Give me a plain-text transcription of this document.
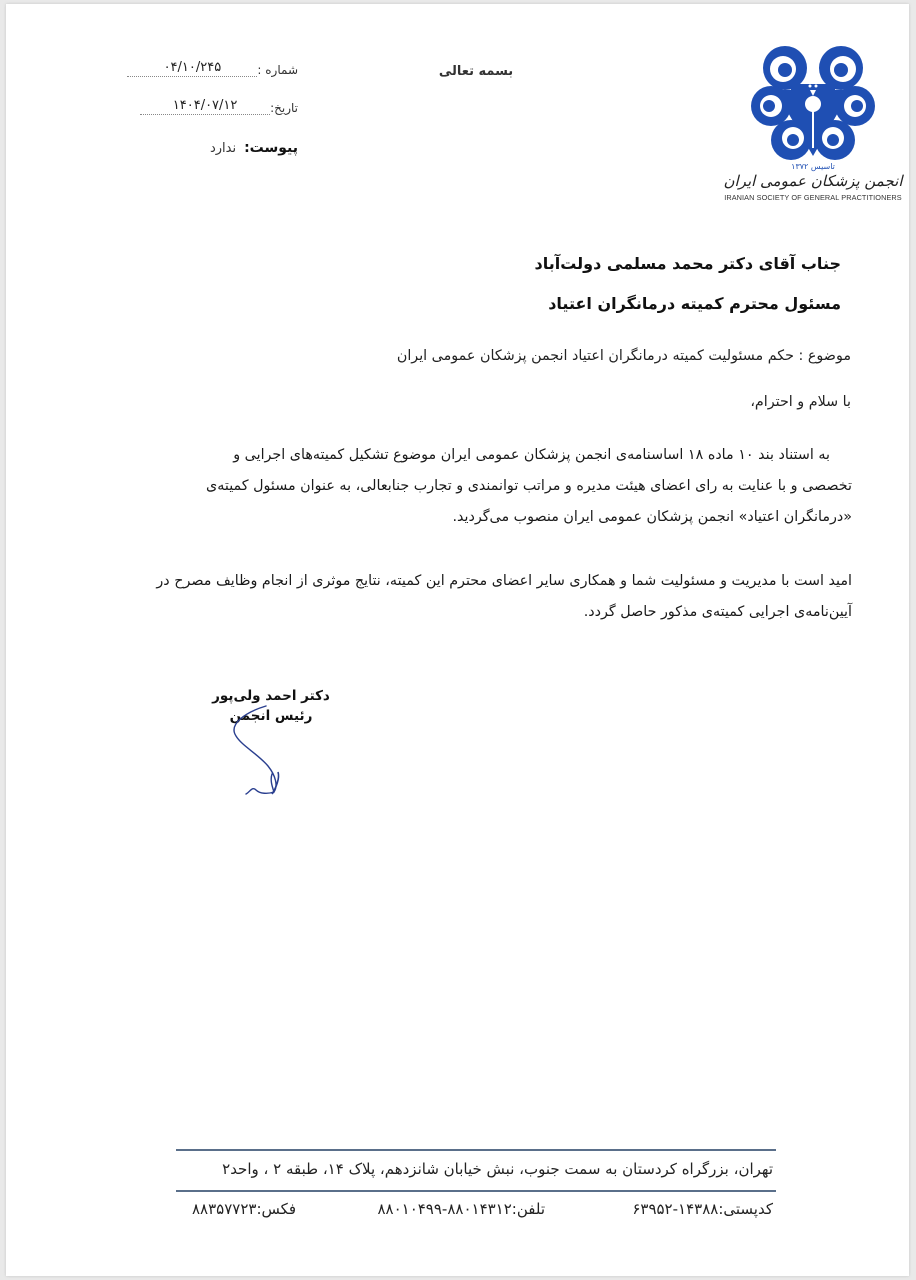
تاسیس ۱۳۷۲
انجمن پزشکان عمومی ایران
IRANIAN SOCIETY OF GENERAL PRACTITIONERS
بسمه تعالی
شماره :
۰۴/۱۰/۲۴۵
تاریخ:
۱۴۰۴/۰۷/۱۲
پیوست:
ندارد
جناب آقای دکتر محمد مسلمی دولت‌آباد
مسئول محترم کمیته درمانگران اعتیاد
موضوع : حکم مسئولیت کمیته درمانگران اعتیاد انجمن پزشکان عمومی ایران
با سلام و احترام،

به استناد بند ۱۰ ماده ۱۸ اساسنامه‌ی انجمن پزشکان عمومی ایران موضوع تشکیل کمیته‌های اجرایی و

تخصصی و با عنایت به رای اعضای هیئت مدیره و مراتب توانمندی و تجارب جنابعالی، به عنوان مسئول کمیته‌ی

«درمانگران اعتیاد» انجمن پزشکان عمومی ایران منصوب می‌گردید.

امید است با مدیریت و مسئولیت شما و همکاری سایر اعضای محترم این کمیته، نتایج موثری از انجام وظایف مصرح در

آیین‌نامه‌ی اجرایی کمیته‌ی مذکور حاصل گردد.

دکتر احمد ولی‌پور
رئیس انجمن
تهران، بزرگراه کردستان به سمت جنوب، نبش خیابان شانزدهم، پلاک ۱۴، طبقه ۲ ، واحد۲
کدپستی:۱۴۳۸۸-۶۳۹۵۲
تلفن:۸۸۰۱۴۳۱۲-۸۸۰۱۰۴۹۹
فکس:۸۸۳۵۷۷۲۳
